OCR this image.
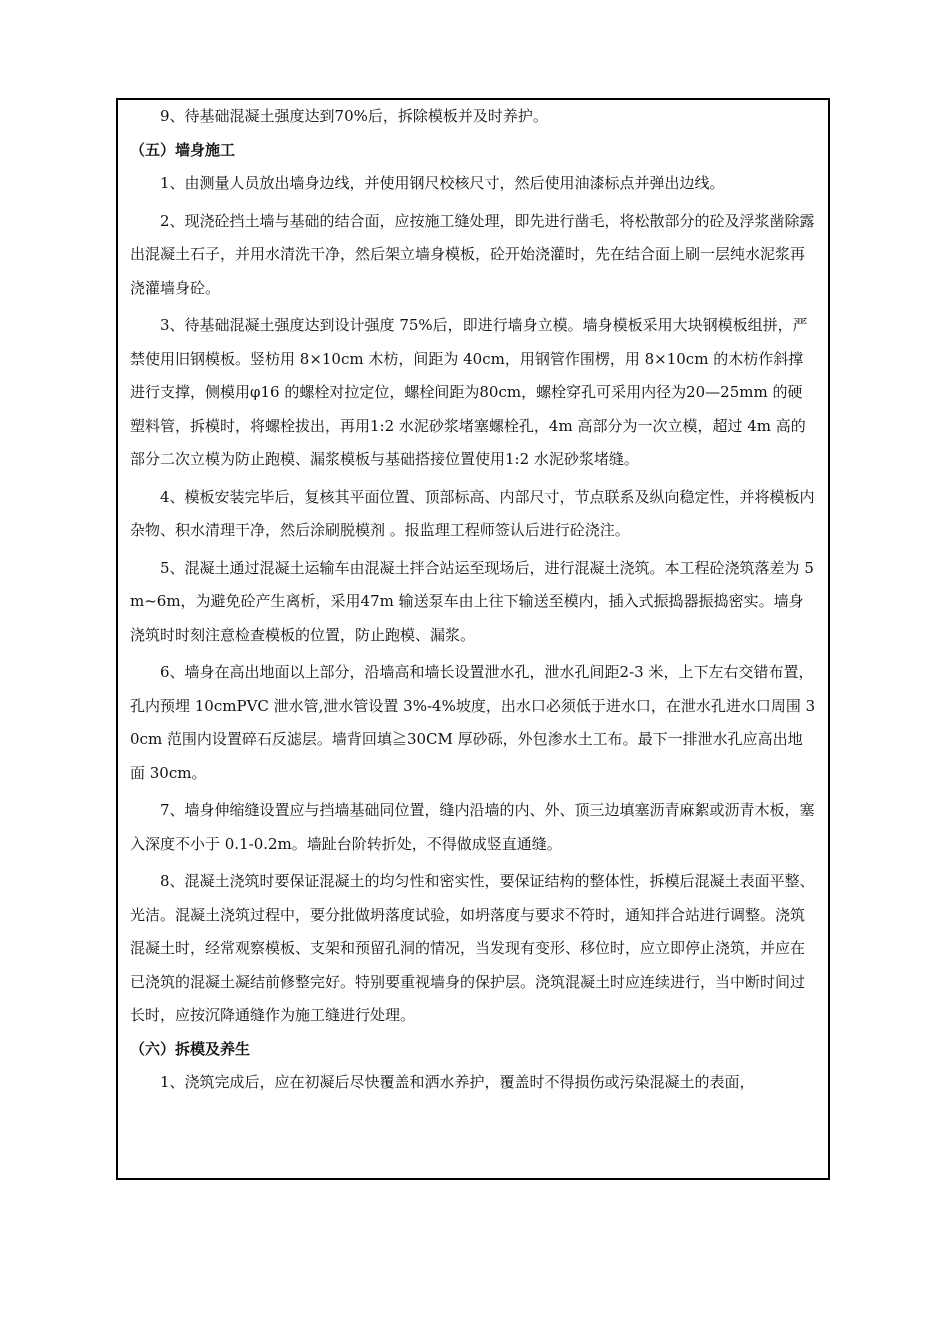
9、待基础混凝土强度达到70%后，拆除模板并及时养护。

（五）墙身施工

1、由测量人员放出墙身边线，并使用钢尺校核尺寸，然后使用油漆标点并弹出边线。

2、现浇砼挡土墙与基础的结合面，应按施工缝处理，即先进行凿毛，将松散部分的砼及浮浆凿除露出混凝土石子，并用水清洗干净，然后架立墙身模板，砼开始浇灌时，先在结合面上刷一层纯水泥浆再浇灌墙身砼。

3、待基础混凝土强度达到设计强度 75%后，即进行墙身立模。墙身模板采用大块钢模板组拼，严禁使用旧钢模板。竖枋用 8×10cm 木枋，间距为 40cm，用钢管作围楞，用 8×10cm 的木枋作斜撑进行支撑，侧模用φ16 的螺栓对拉定位，螺栓间距为80cm，螺栓穿孔可采用内径为20—25mm 的硬塑料管，拆模时，将螺栓拔出，再用1:2 水泥砂浆堵塞螺栓孔，4m 高部分为一次立模，超过 4m 高的部分二次立模为防止跑模、漏浆模板与基础搭接位置使用1:2 水泥砂浆堵缝。

4、模板安装完毕后，复核其平面位置、顶部标高、内部尺寸，节点联系及纵向稳定性，并将模板内杂物、积水清理干净，然后涂刷脱模剂 。报监理工程师签认后进行砼浇注。

5、混凝土通过混凝土运输车由混凝土拌合站运至现场后，进行混凝土浇筑。本工程砼浇筑落差为 5m~6m，为避免砼产生离析，采用47m 输送泵车由上往下输送至模内，插入式振捣器振捣密实。墙身浇筑时时刻注意检查模板的位置，防止跑模、漏浆。

6、墙身在高出地面以上部分，沿墙高和墙长设置泄水孔，泄水孔间距2-3 米，上下左右交错布置，孔内预埋 10cmPVC 泄水管,泄水管设置 3%-4%坡度，出水口必须低于进水口，在泄水孔进水口周围 30cm 范围内设置碎石反滤层。墙背回填≧30CM 厚砂砾，外包渗水土工布。最下一排泄水孔应高出地面 30cm。

7、墙身伸缩缝设置应与挡墙基础同位置，缝内沿墙的内、外、顶三边填塞沥青麻絮或沥青木板，塞入深度不小于 0.1-0.2m。墙趾台阶转折处，不得做成竖直通缝。

8、混凝土浇筑时要保证混凝土的均匀性和密实性，要保证结构的整体性，拆模后混凝土表面平整、光洁。混凝土浇筑过程中，要分批做坍落度试验，如坍落度与要求不符时，通知拌合站进行调整。浇筑混凝土时，经常观察模板、支架和预留孔洞的情况，当发现有变形、移位时，应立即停止浇筑，并应在已浇筑的混凝土凝结前修整完好。特别要重视墙身的保护层。浇筑混凝土时应连续进行，当中断时间过长时，应按沉降通缝作为施工缝进行处理。

（六）拆模及养生

1、浇筑完成后，应在初凝后尽快覆盖和洒水养护，覆盖时不得损伤或污染混凝土的表面，
